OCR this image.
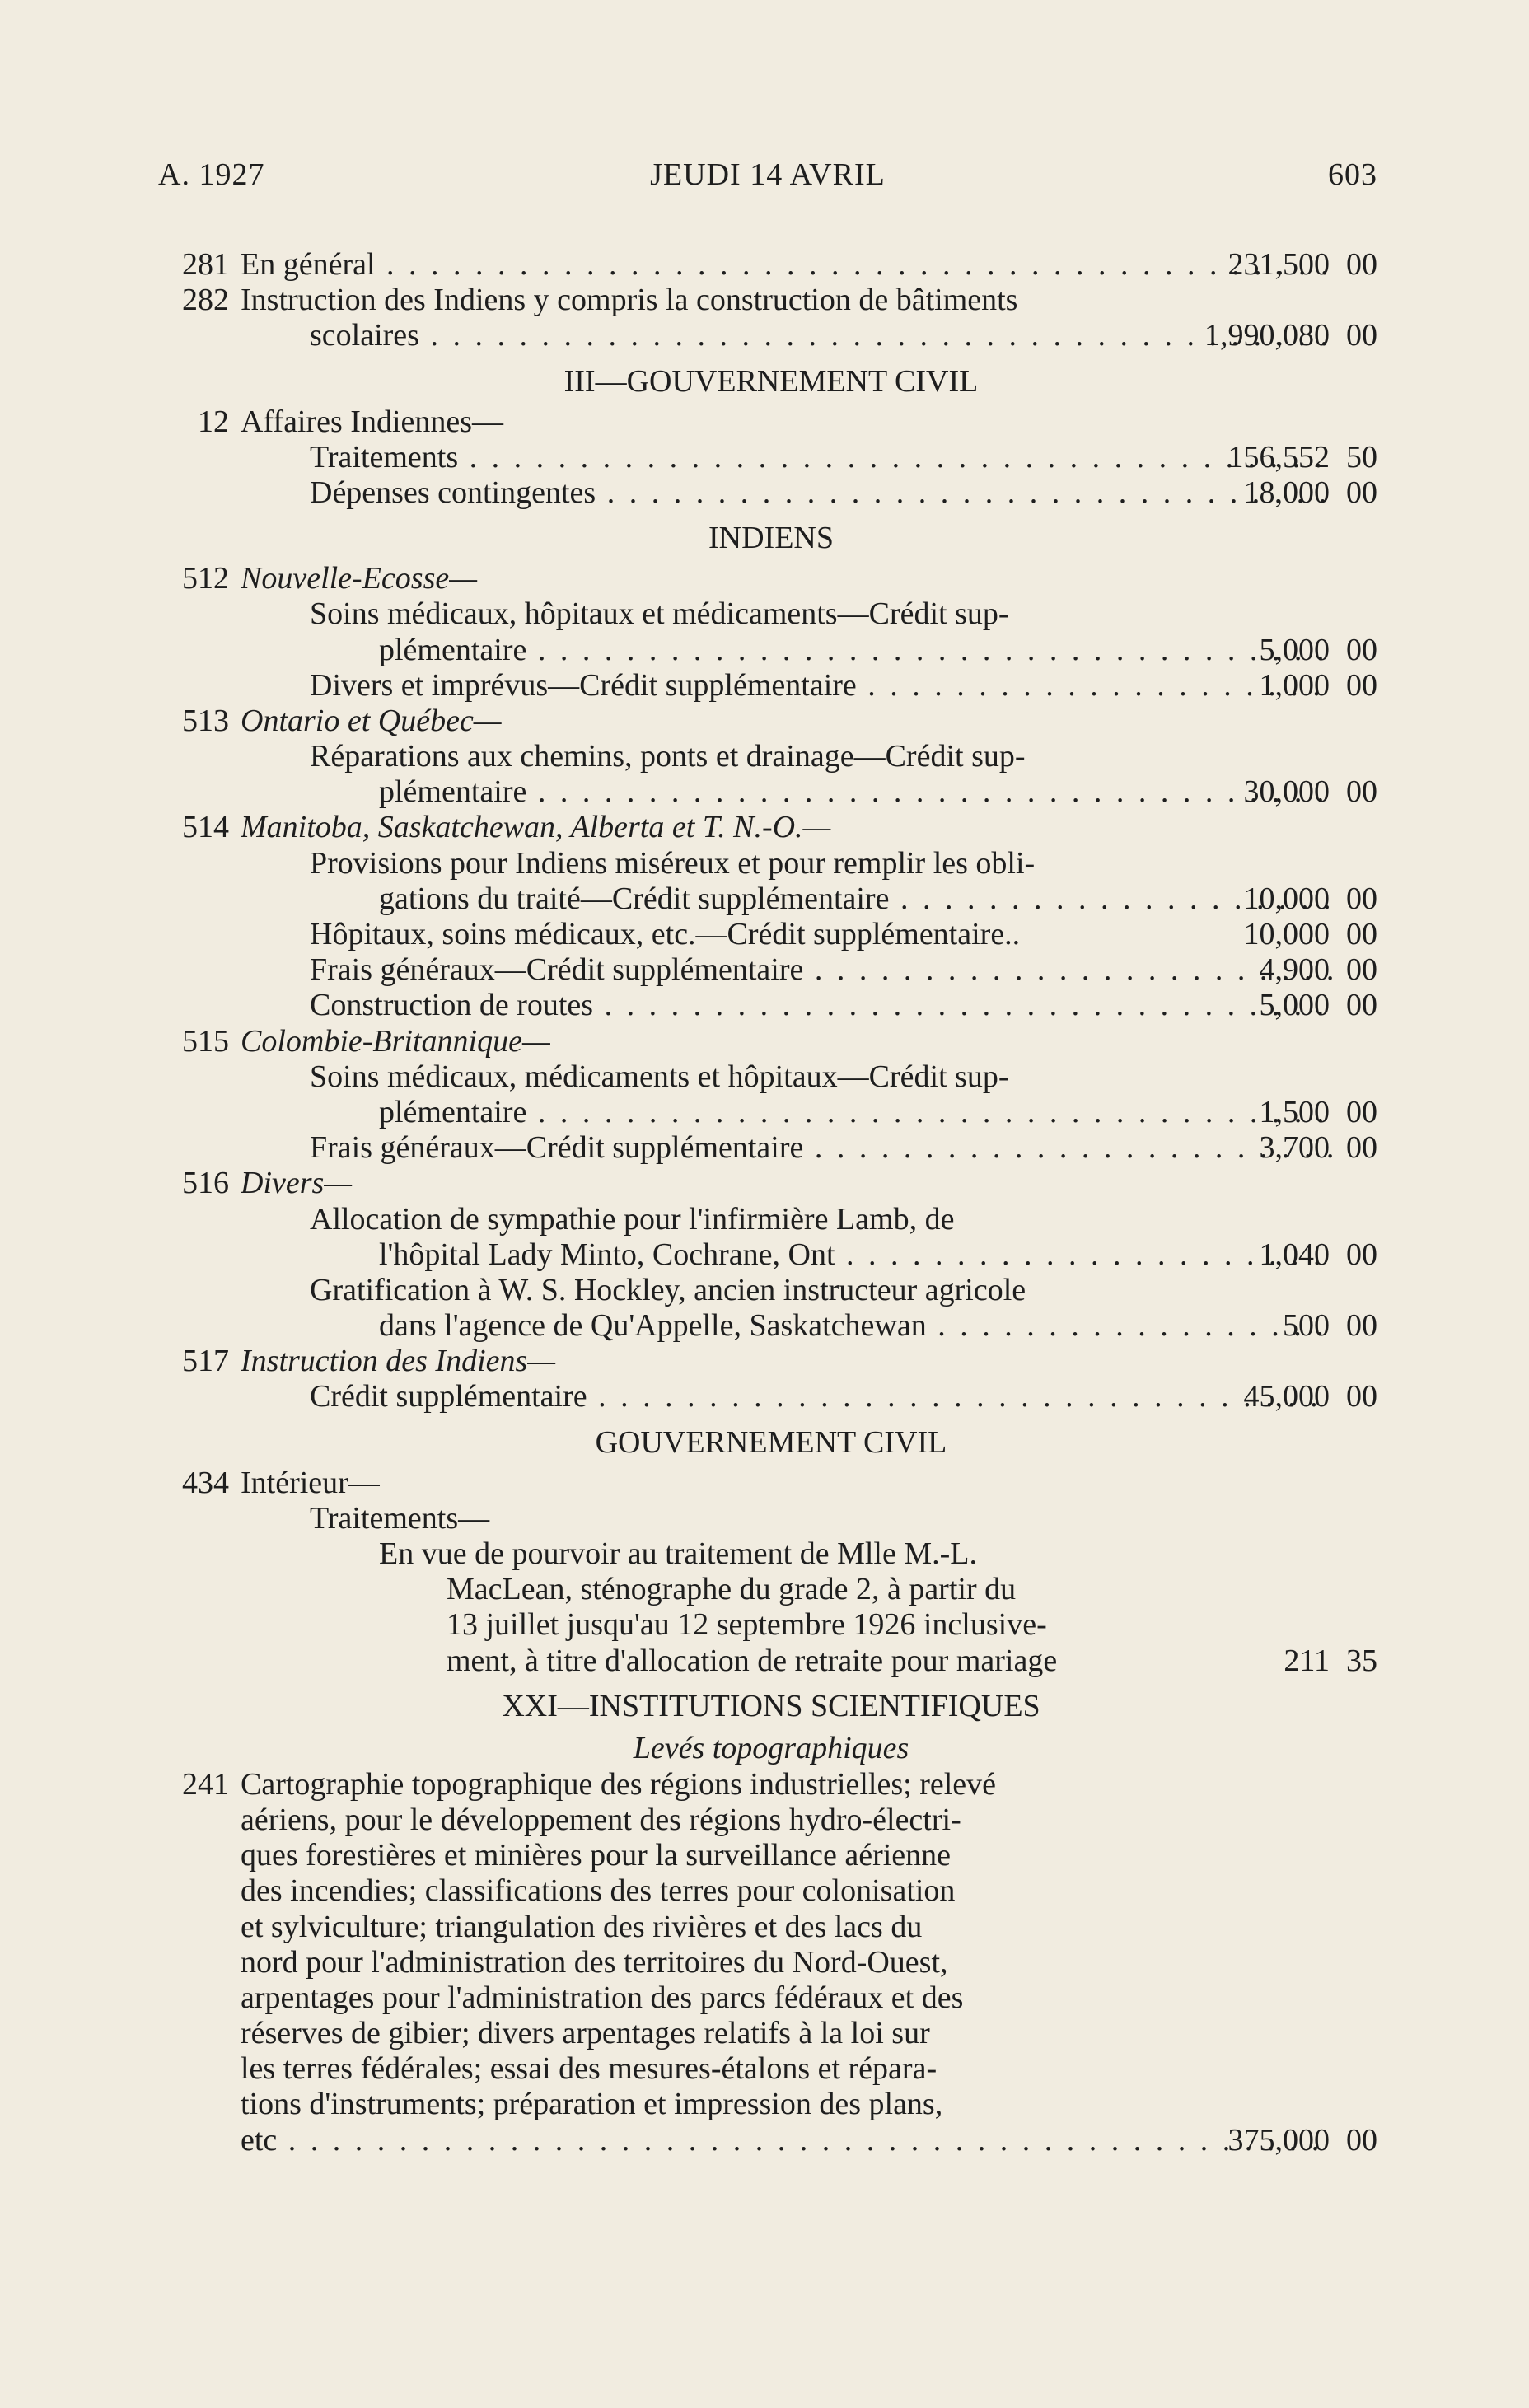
A. 1927	JEUDI 14 AVRIL	603
281 En général . . .	231,500 00
282 Instruction des Indiens y compris la construction de bâtiments
scolaires . . .	1,990,080 00
III—GOUVERNEMENT CIVIL
12 Affaires Indiennes—
Traitements . . .	156,552 50
Dépenses contingentes . . .	18,000 00
INDIENS
512 Nouvelle-Ecosse—
Soins médicaux, hôpitaux et médicaments—Crédit sup-
plémentaire . . .	5,000 00
Divers et imprévus—Crédit supplémentaire . . .	1,000 00
513 Ontario et Québec—
Réparations aux chemins, ponts et drainage—Crédit sup-
plémentaire . . .	30,000 00
514 Manitoba, Saskatchewan, Alberta et T. N.-O.—
Provisions pour Indiens miséreux et pour remplir les obli-
gations du traité—Crédit supplémentaire . . .	10,000 00
Hôpitaux, soins médicaux, etc.—Crédit supplémentaire..	10,000 00
Frais généraux—Crédit supplémentaire . . .	4,900 00
Construction de routes . . .	5,000 00
515 Colombie-Britannique—
Soins médicaux, médicaments et hôpitaux—Crédit sup-
plémentaire . . .	1,500 00
Frais généraux—Crédit supplémentaire . . .	3,700 00
516 Divers—
Allocation de sympathie pour l'infirmière Lamb, de
l'hôpital Lady Minto, Cochrane, Ont . . .	1,040 00
Gratification à W. S. Hockley, ancien instructeur agricole
dans l'agence de Qu'Appelle, Saskatchewan . . .	500 00
517 Instruction des Indiens—
Crédit supplémentaire . . .	45,000 00
GOUVERNEMENT CIVIL
434 Intérieur—
Traitements—
En vue de pourvoir au traitement de Mlle M.-L.
MacLean, sténographe du grade 2, à partir du
13 juillet jusqu'au 12 septembre 1926 inclusive-
ment, à titre d'allocation de retraite pour mariage	211 35
XXI—INSTITUTIONS SCIENTIFIQUES
Levés topographiques
241 Cartographie topographique des régions industrielles; relevé
aériens, pour le développement des régions hydro-électri-
ques forestières et minières pour la surveillance aérienne
des incendies; classifications des terres pour colonisation
et sylviculture; triangulation des rivières et des lacs du
nord pour l'administration des territoires du Nord-Ouest,
arpentages pour l'administration des parcs fédéraux et des
réserves de gibier; divers arpentages relatifs à la loi sur
les terres fédérales; essai des mesures-étalons et répara-
tions d'instruments; préparation et impression des plans,
etc . . .	375,000 00
